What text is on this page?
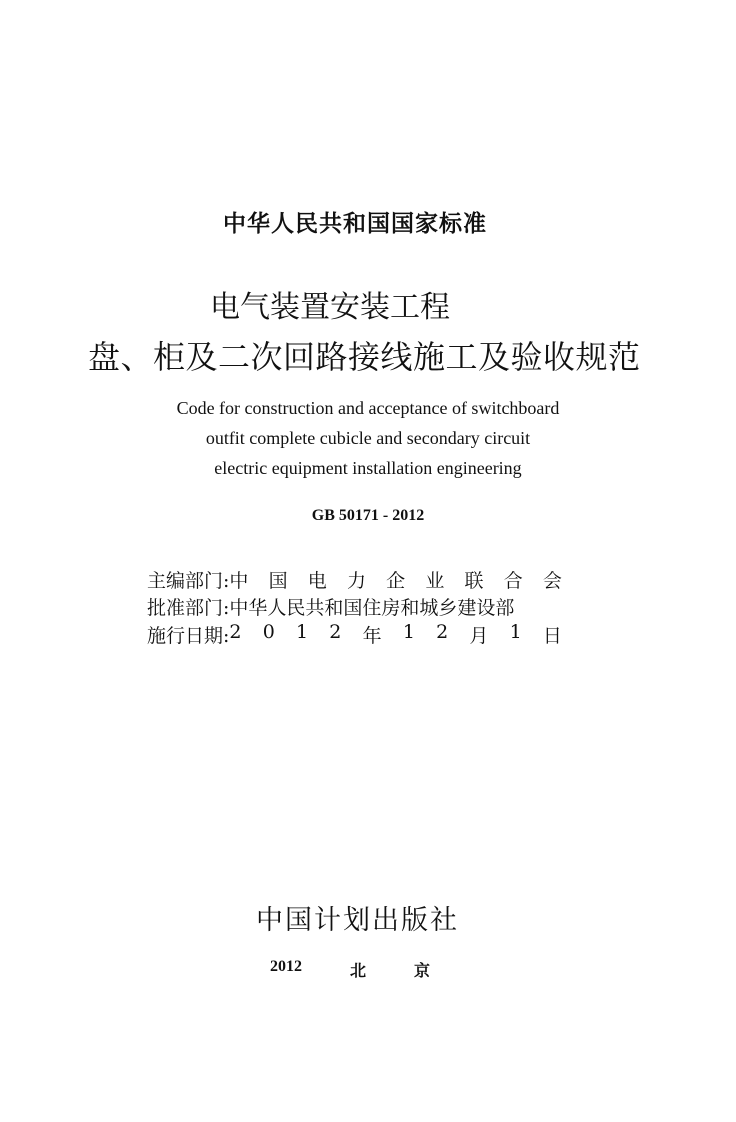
中华人民共和国国家标准
电气装置安装工程
盘、柜及二次回路接线施工及验收规范
Code for construction and acceptance of switchboard
outfit complete cubicle and secondary circuit
electric equipment installation engineering
GB 50171 - 2012
主编部门: 中 国 电 力 企 业 联 合 会
批准部门: 中华人民共和国住房和城乡建设部
施行日期: 2 0 1 2 年 1 2 月 1 日
中国计划出版社
2012	北	京
